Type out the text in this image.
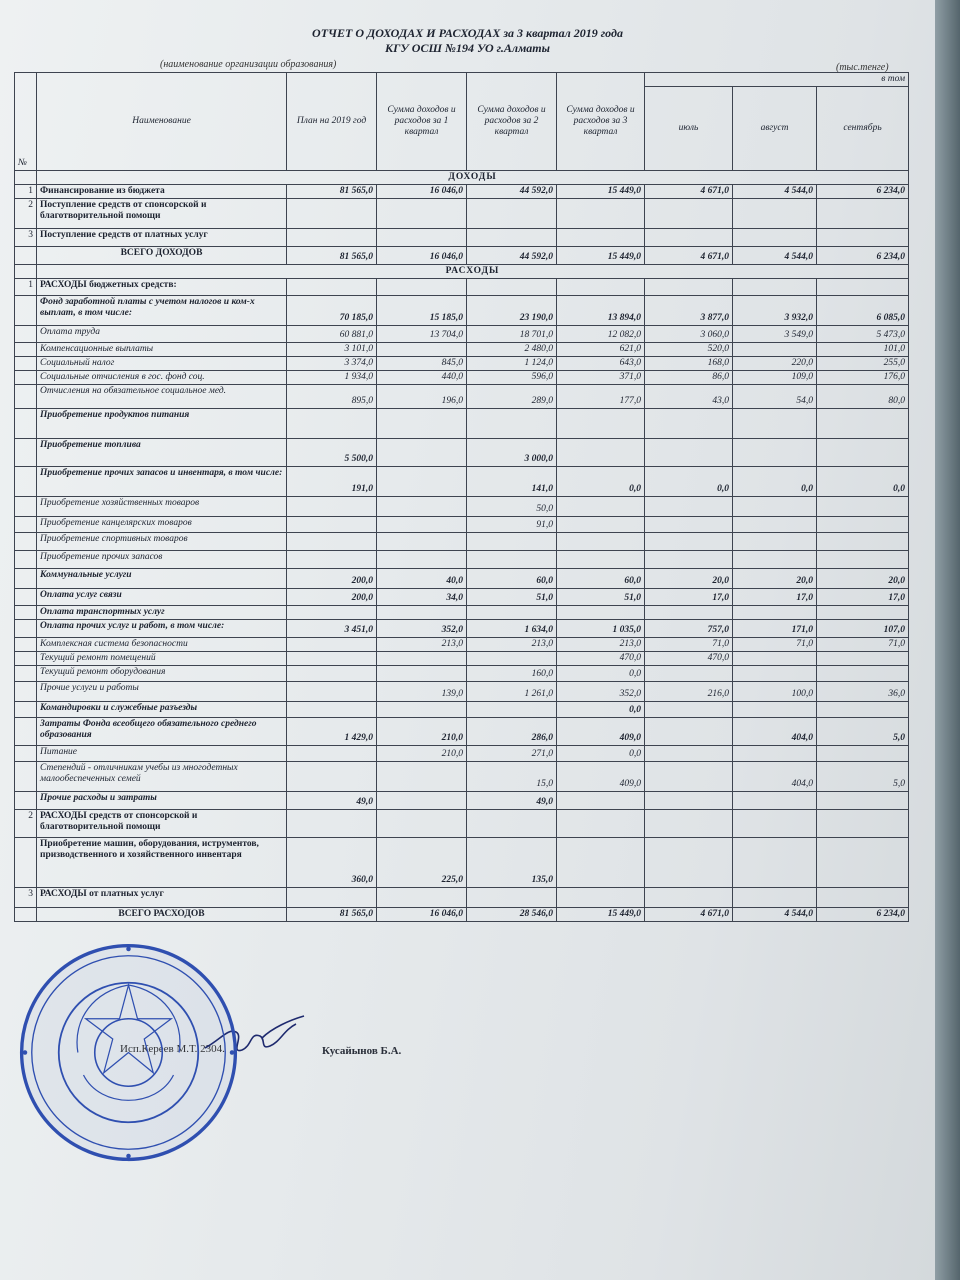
ОТЧЕТ О ДОХОДАХ И РАСХОДАХ за 3 квартал 2019 года
КГУ ОСШ №194 УО г.Алматы
(наименование организации образования)	(тыс.тенге)
№	Наименование	План на 2019 год	Сумма доходов и расходов за 1 квартал	Сумма доходов и расходов за 2 квартал	Сумма доходов и расходов за 3 квартал	в том		
						июль	август	сентябрь
	ДОХОДЫ							
1	Финансирование из бюджета	81 565,0	16 046,0	44 592,0	15 449,0	4 671,0	4 544,0	6 234,0
2	Поступление средств от спонсорской и благотворительной помощи							
3	Поступление средств от платных услуг							
	ВСЕГО ДОХОДОВ	81 565,0	16 046,0	44 592,0	15 449,0	4 671,0	4 544,0	6 234,0
	РАСХОДЫ							
1	РАСХОДЫ бюджетных средств:							
	Фонд заработной платы с учетом налогов и ком-х выплат, в том числе:	70 185,0	15 185,0	23 190,0	13 894,0	3 877,0	3 932,0	6 085,0
	Оплата труда	60 881,0	13 704,0	18 701,0	12 082,0	3 060,0	3 549,0	5 473,0
	Компенсационные выплаты	3 101,0		2 480,0	621,0	520,0		101,0
	Социальный налог	3 374,0	845,0	1 124,0	643,0	168,0	220,0	255,0
	Социальные отчисления в гос. фонд соц.	1 934,0	440,0	596,0	371,0	86,0	109,0	176,0
	Отчисления на обязательное социальное мед.	895,0	196,0	289,0	177,0	43,0	54,0	80,0
	Приобретение продуктов питания							
	Приобретение топлива	5 500,0		3 000,0				
	Приобретение прочих запасов и инвентаря, в том числе:	191,0		141,0	0,0	0,0	0,0	0,0
	Приобретение хозяйственных товаров			50,0				
	Приобретение канцелярских товаров			91,0				
	Приобретение спортивных товаров							
	Приобретение прочих запасов							
	Коммунальные услуги	200,0	40,0	60,0	60,0	20,0	20,0	20,0
	Оплата услуг связи	200,0	34,0	51,0	51,0	17,0	17,0	17,0
	Оплата транспортных услуг							
	Оплата прочих услуг и работ, в том числе:	3 451,0	352,0	1 634,0	1 035,0	757,0	171,0	107,0
	Комплексная система безопасности		213,0	213,0	213,0	71,0	71,0	71,0
	Текущий ремонт помещений				470,0	470,0		
	Текущий ремонт оборудования			160,0	0,0			
	Прочие услуги и работы		139,0	1 261,0	352,0	216,0	100,0	36,0
	Командировки и служебные разъезды				0,0			
	Затраты Фонда всеобщего обязательного среднего образования	1 429,0	210,0	286,0	409,0		404,0	5,0
	Питание		210,0	271,0	0,0			
	Степендий - отличникам учебы из многодетных малообеспеченных семей			15,0	409,0		404,0	5,0
	Прочие расходы и затраты	49,0		49,0				
2	РАСХОДЫ средств от спонсорской и благотворительной помощи							
	Приобретение машин, оборудования, иструментов, призводственного и хозяйственного инвентаря	360,0	225,0	135,0				
3	РАСХОДЫ от платных услуг							
	ВСЕГО РАСХОДОВ	81 565,0	16 046,0	28 546,0	15 449,0	4 671,0	4 544,0	6 234,0
Кусайынов Б.А.
